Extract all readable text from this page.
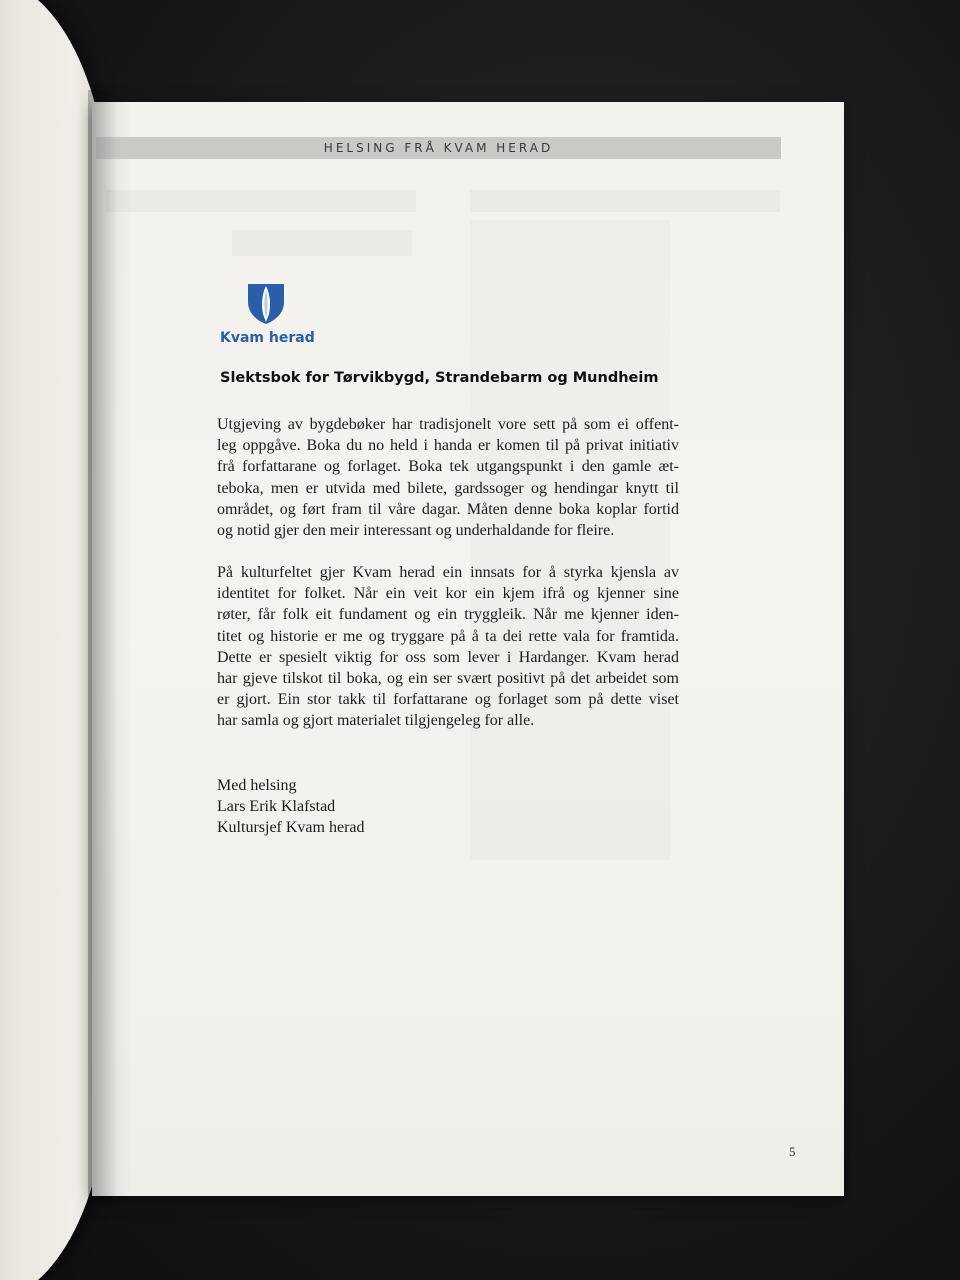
HELSING FRÅ KVAM HERAD
Kvam herad
Slektsbok for Tørvikbygd, Strandebarm og Mundheim
Utgjeving av bygdebøker har tradisjonelt vore sett på som ei offent-
leg oppgåve. Boka du no held i handa er komen til på privat initiativ
frå forfattarane og forlaget. Boka tek utgangspunkt i den gamle æt-
teboka, men er utvida med bilete, gardssoger og hendingar knytt til
området, og ført fram til våre dagar. Måten denne boka koplar fortid
og notid gjer den meir interessant og underhaldande for fleire.
På kulturfeltet gjer Kvam herad ein innsats for å styrka kjensla av
identitet for folket. Når ein veit kor ein kjem ifrå og kjenner sine
røter, får folk eit fundament og ein tryggleik. Når me kjenner iden-
titet og historie er me og tryggare på å ta dei rette vala for framtida.
Dette er spesielt viktig for oss som lever i Hardanger. Kvam herad
har gjeve tilskot til boka, og ein ser svært positivt på det arbeidet som
er gjort. Ein stor takk til forfattarane og forlaget som på dette viset
har samla og gjort materialet tilgjengeleg for alle.
Med helsing
Lars Erik Klafstad
Kultursjef Kvam herad
5
